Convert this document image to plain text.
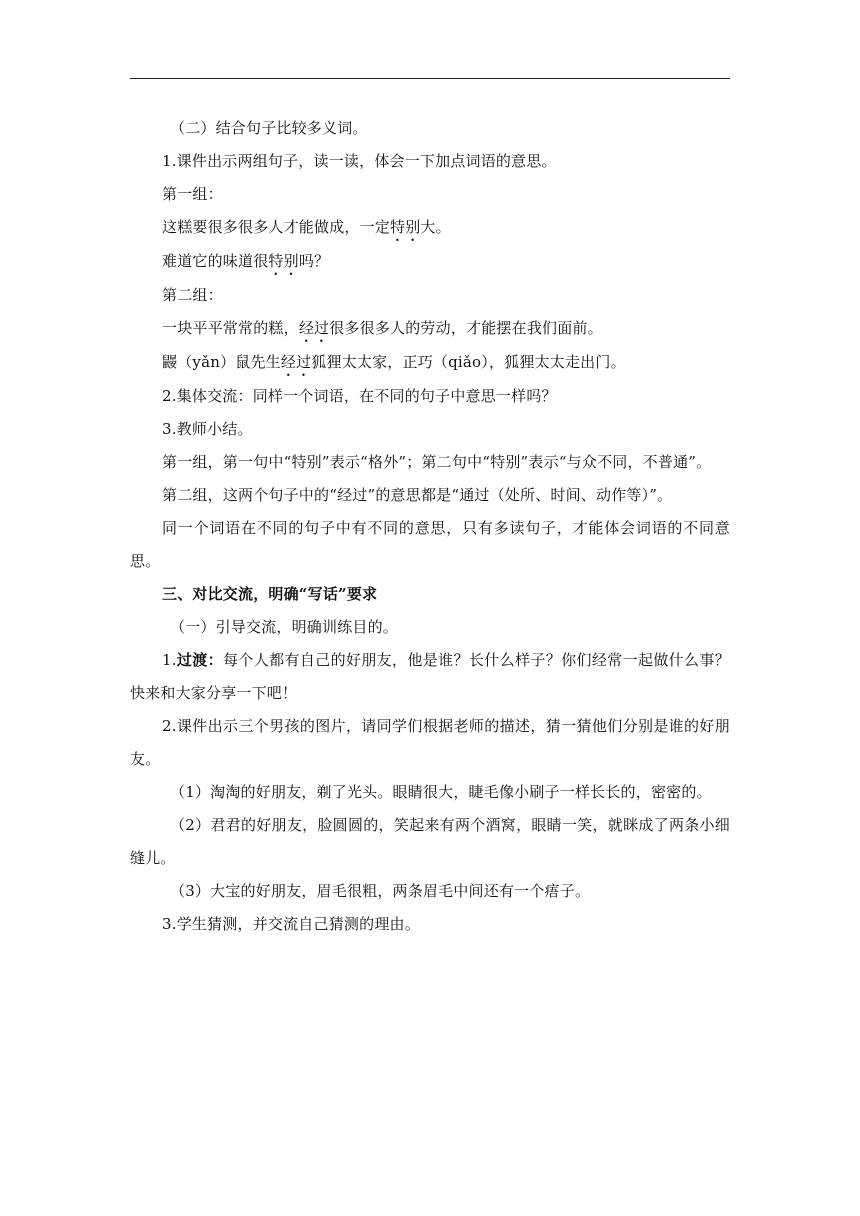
（二）结合句子比较多义词。

1.课件出示两组句子，读一读，体会一下加点词语的意思。

第一组：

这糕要很多很多人才能做成，一定特别大。

难道它的味道很特别吗？

第二组：

一块平平常常的糕，经过很多很多人的劳动，才能摆在我们面前。

鼹（yǎn）鼠先生经过狐狸太太家，正巧（qiǎo），狐狸太太走出门。

2.集体交流：同样一个词语，在不同的句子中意思一样吗？

3.教师小结。

第一组，第一句中“特别”表示“格外”；第二句中“特别”表示“与众不同，不普通”。

第二组，这两个句子中的“经过”的意思都是“通过（处所、时间、动作等）”。

同一个词语在不同的句子中有不同的意思，只有多读句子，才能体会词语的不同意思。

三、对比交流，明确“写话”要求

（一）引导交流，明确训练目的。

1.过渡：每个人都有自己的好朋友，他是谁？长什么样子？你们经常一起做什么事？快来和大家分享一下吧！

2.课件出示三个男孩的图片，请同学们根据老师的描述，猜一猜他们分别是谁的好朋友。

（1）淘淘的好朋友，剃了光头。眼睛很大，睫毛像小刷子一样长长的，密密的。

（2）君君的好朋友，脸圆圆的，笑起来有两个酒窝，眼睛一笑，就眯成了两条小细缝儿。

（3）大宝的好朋友，眉毛很粗，两条眉毛中间还有一个痦子。

3.学生猜测，并交流自己猜测的理由。
